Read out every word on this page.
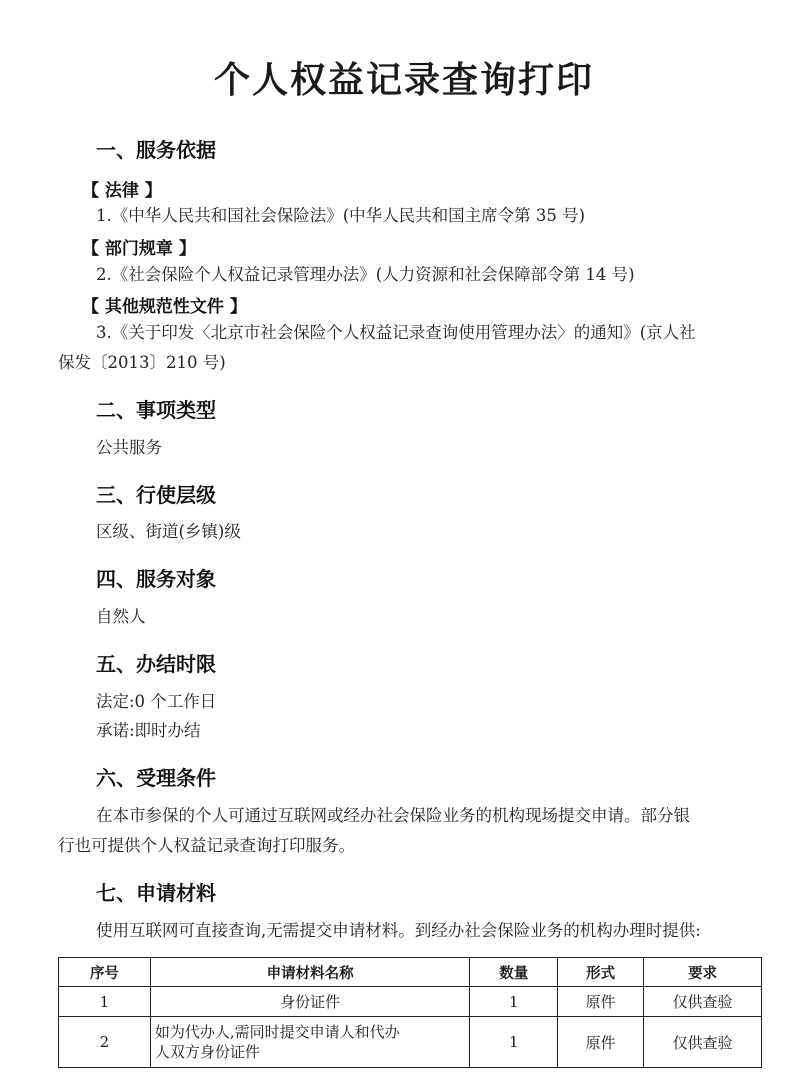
个人权益记录查询打印
一、服务依据
【 法律 】
1.《中华人民共和国社会保险法》(中华人民共和国主席令第 35 号)
【 部门规章 】
2.《社会保险个人权益记录管理办法》(人力资源和社会保障部令第 14 号)
【 其他规范性文件 】
3.《关于印发〈北京市社会保险个人权益记录查询使用管理办法〉的通知》(京人社
保发〔2013〕210 号)
二、事项类型
公共服务
三、行使层级
区级、街道(乡镇)级
四、服务对象
自然人
五、办结时限
法定:0 个工作日
承诺:即时办结
六、受理条件
在本市参保的个人可通过互联网或经办社会保险业务的机构现场提交申请。部分银
行也可提供个人权益记录查询打印服务。
七、申请材料
使用互联网可直接查询,无需提交申请材料。到经办社会保险业务的机构办理时提供:
序号	申请材料名称	数量	形式	要求
1	身份证件	1	原件	仅供查验
2	如为代办人,需同时提交申请人和代办
人双方身份证件	1	原件	仅供查验
